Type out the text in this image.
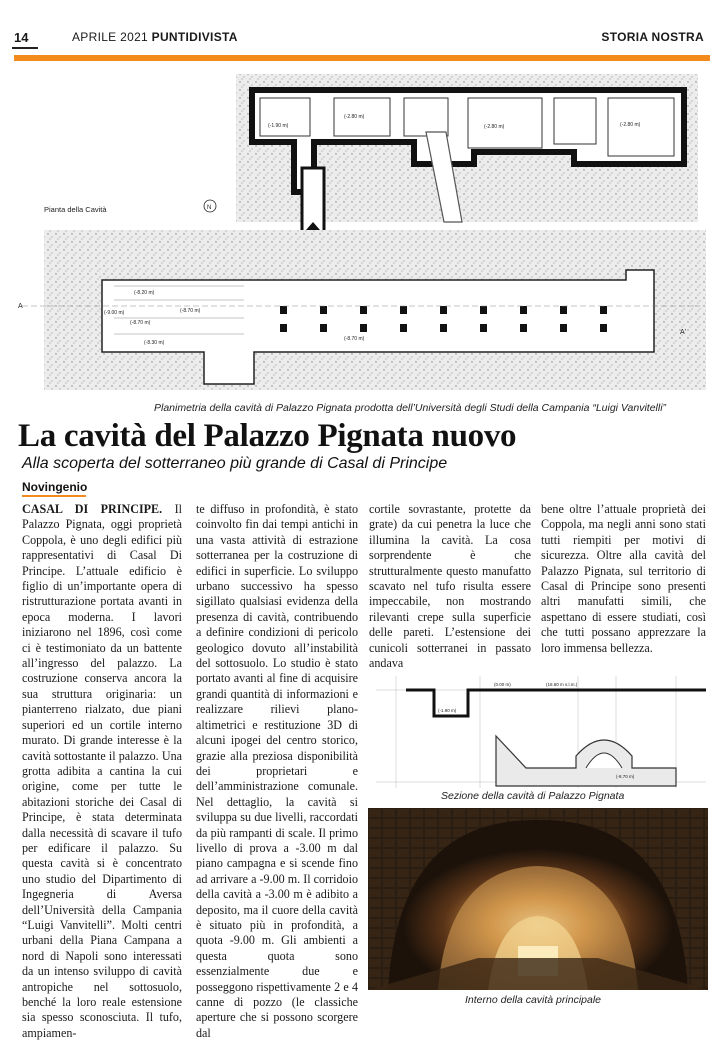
14	APRILE 2021 PUNTIDIVISTA	STORIA NOSTRA
(-1.90 m)
(-2.80 m)
(-2.80 m)	(-2.80 m)
Pianta della Cavità	N
(-8.20 m)
(-8.70 m)
(-8.70 m)
(-8.30 m)
(-8.70 m)
(-9.00 m)
A
A'
Planimetria della cavità di Palazzo Pignata prodotta dell’Università degli Studi della Campania “Luigi Vanvitelli”
La cavità del Palazzo Pignata nuovo
Alla scoperta del sotterraneo più grande di Casal di Principe
Novingenio
CASAL DI PRINCIPE. Il Palazzo Pignata, oggi proprietà Coppola, è uno degli edifici più rappresentativi di Casal Di Principe. L’attuale edificio è figlio di un’importante opera di ristrutturazione portata avanti in epoca moderna. I lavori iniziarono nel 1896, così come ci è testimoniato da un battente all’ingresso del palazzo. La costruzione conserva ancora la sua struttura originaria: un pianterreno rialzato, due piani superiori ed un cortile interno murato. Di grande interesse è la cavità sottostante il palazzo. Una grotta adibita a cantina la cui origine, come per tutte le abitazioni storiche dei Casal di Principe, è stata determinata dalla necessità di scavare il tufo per edificare il palazzo. Su questa cavità si è concentrato uno studio del Dipartimento di Ingegneria di Aversa dell’Università della Campania “Luigi Vanvitelli”. Molti centri urbani della Piana Campana a nord di Napoli sono interessati da un intenso sviluppo di cavità antropiche nel sottosuolo, benché la loro reale estensione sia spesso sconosciuta. Il tufo, ampiamen-
te diffuso in profondità, è stato coinvolto fin dai tempi antichi in una vasta attività di estrazione sotterranea per la costruzione di edifici in superficie. Lo sviluppo urbano successivo ha spesso sigillato qualsiasi evidenza della presenza di cavità, contribuendo a definire condizioni di pericolo geologico dovuto all’instabilità del sottosuolo. Lo studio è stato portato avanti al fine di acquisire grandi quantità di informazioni e realizzare rilievi plano-altimetrici e restituzione 3D di alcuni ipogei del centro storico, grazie alla preziosa disponibilità dei proprietari e dell’amministrazione comunale. Nel dettaglio, la cavità si sviluppa su due livelli, raccordati da più rampanti di scale. Il primo livello di prova a -3.00 m dal piano campagna e si scende fino ad arrivare a -9.00 m. Il corridoio della cavità a -3.00 m è adibito a deposito, ma il cuore della cavità è situato più in profondità, a quota -9.00 m. Gli ambienti a questa quota sono essenzialmente due e posseggono rispettivamente 2 e 4 canne di pozzo (le classiche aperture che si possono scorgere dal
cortile sovrastante, protette da grate) da cui penetra la luce che illumina la cavità. La cosa sorprendente è che strutturalmente questo manufatto scavato nel tufo risulta essere impeccabile, non mostrando rilevanti crepe sulla superficie delle pareti. L’estensione dei cunicoli sotterranei in passato andava
bene oltre l’attuale proprietà dei Coppola, ma negli anni sono stati tutti riempiti per motivi di sicurezza. Oltre alla cavità del Palazzo Pignata, sul territorio di Casal di Principe sono presenti altri manufatti simili, che aspettano di essere studiati, così che tutti possano apprezzare la loro immensa bellezza.
(0.00 m)	(18.60 m s.l.m.)
(-1.90 m)
(-8.70 m)
Sezione della cavità di Palazzo Pignata
Interno della cavità principale
